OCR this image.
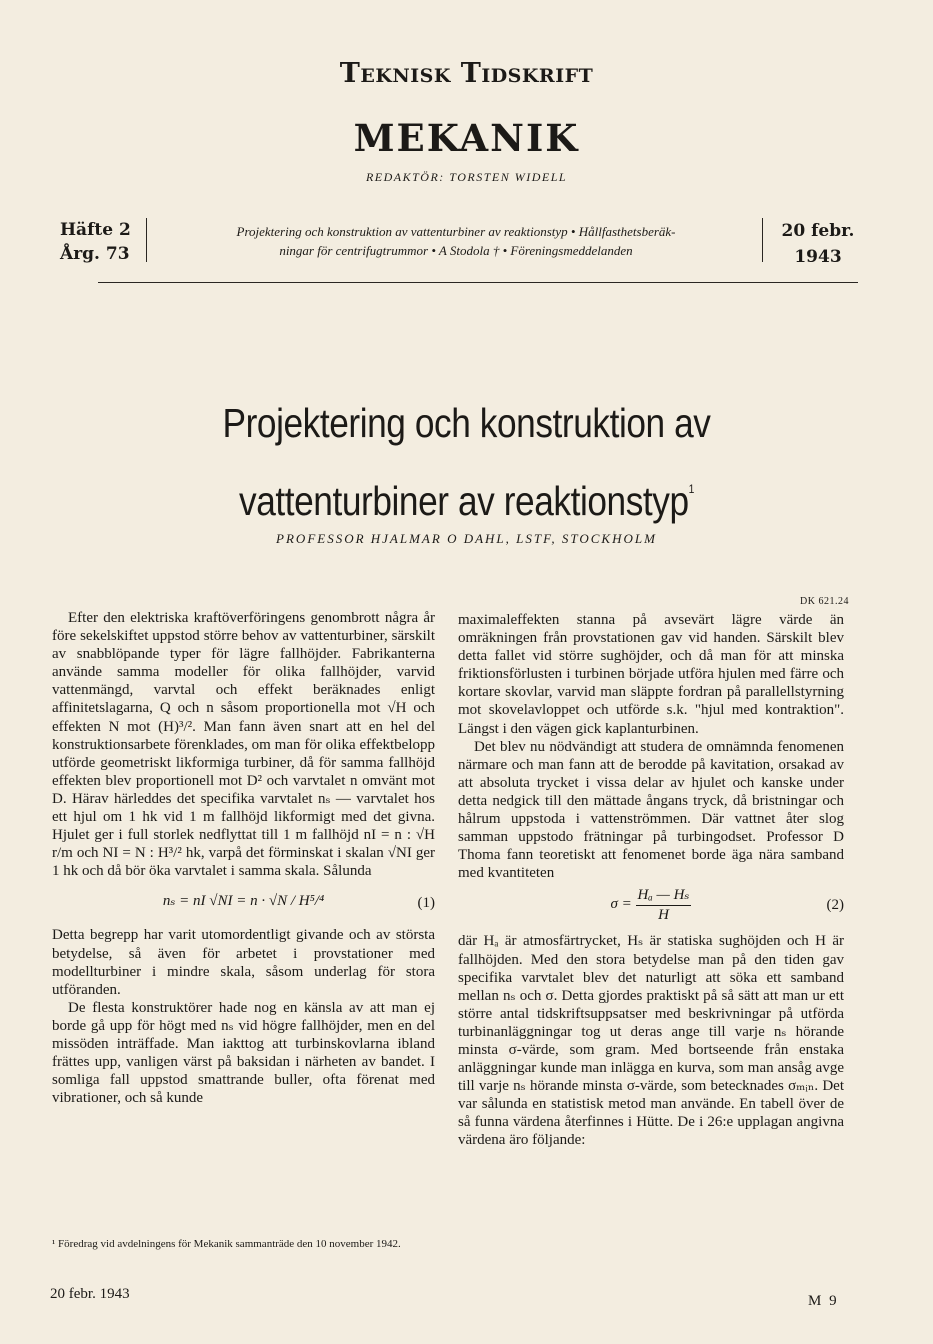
Teknisk Tidskrift
MEKANIK
REDAKTÖR: TORSTEN WIDELL
Häfte 2
Årg. 73
Projektering och konstruktion av vattenturbiner av reaktionstyp • Hållfasthetsberäk-
ningar för centrifugtrummor • A Stodola † • Föreningsmeddelanden
20 febr.
1943
Projektering och konstruktion av
vattenturbiner av reaktionstyp$^1$
PROFESSOR HJALMAR O DAHL, LSTF, STOCKHOLM
DK 621.24

Efter den elektriska kraftöverföringens genombrott några år före sekelskiftet uppstod större behov av vattenturbiner, särskilt av snabblöpande typer för lägre fallhöjder. Fabrikanterna använde samma modeller för olika fallhöjder, varvid vattenmängd, varvtal och effekt beräknades enligt affinitetslagarna, Q och n såsom proportionella mot √H och effekten N mot (H)³/². Man fann även snart att en hel del konstruktionsarbete förenklades, om man för olika effektbelopp utförde geometriskt likformiga turbiner, då för samma fallhöjd effekten blev proportionell mot D² och varvtalet n omvänt mot D. Härav härleddes det specifika varvtalet nₛ — varvtalet hos ett hjul om 1 hk vid 1 m fallhöjd likformigt med det givna. Hjulet ger i full storlek nedflyttat till 1 m fallhöjd nI = n : √H r/m och NI = N : H³/² hk, varpå det förminskat i skalan √NI ger 1 hk och då bör öka varvtalet i samma skala. Sålunda

nₛ = nI √NI = n · √N / H⁵/⁴	(1)

Detta begrepp har varit utomordentligt givande och av största betydelse, så även för arbetet i provstationer med modellturbiner i mindre skala, såsom underlag för stora utföranden.

De flesta konstruktörer hade nog en känsla av att man ej borde gå upp för högt med nₛ vid högre fallhöjder, men en del missöden inträffade. Man iakttog att turbinskovlarna ibland frättes upp, vanligen värst på baksidan i närheten av bandet. I somliga fall uppstod smattrande buller, ofta förenat med vibrationer, och så kunde

¹ Föredrag vid avdelningens för Mekanik sammanträde den 10 november 1942.

maximaleffekten stanna på avsevärt lägre värde än omräkningen från provstationen gav vid handen. Särskilt blev detta fallet vid större sughöjder, och då man för att minska friktionsförlusten i turbinen började utföra hjulen med färre och kortare skovlar, varvid man släppte fordran på parallellstyrning mot skovelavloppet och utförde s.k. "hjul med kontraktion". Längst i den vägen gick kaplanturbinen.

Det blev nu nödvändigt att studera de omnämnda fenomenen närmare och man fann att de berodde på kavitation, orsakad av att absoluta trycket i vissa delar av hjulet och kanske under detta nedgick till den mättade ångans tryck, då bristningar och hålrum uppstoda i vattenströmmen. Där vattnet åter slog samman uppstodo frätningar på turbingodset. Professor D Thoma fann teoretiskt att fenomenet borde äga nära samband med kvantiteten

$\sigma = \frac{\text{Hₐ — Hₛ}}{H}$	(2)

där Hₐ är atmosfärtrycket, Hₛ är statiska sughöjden och H är fallhöjden. Med den stora betydelse man på den tiden gav specifika varvtalet blev det naturligt att söka ett samband mellan nₛ och σ. Detta gjordes praktiskt på så sätt att man ur ett större antal tidskriftsuppsatser med beskrivningar på utförda turbinanläggningar tog ut deras ange till varje nₛ hörande minsta σ-värde, som gram. Med bortseende från enstaka anläggningar kunde man inlägga en kurva, som man ansåg avge till varje nₛ hörande minsta σ-värde, som betecknades σₘᵢₙ. Det var sålunda en statistisk metod man använde. En tabell över de så funna värdena återfinnes i Hütte. De i 26:e upplagan angivna värdena äro följande:

20 febr. 1943	M 9
